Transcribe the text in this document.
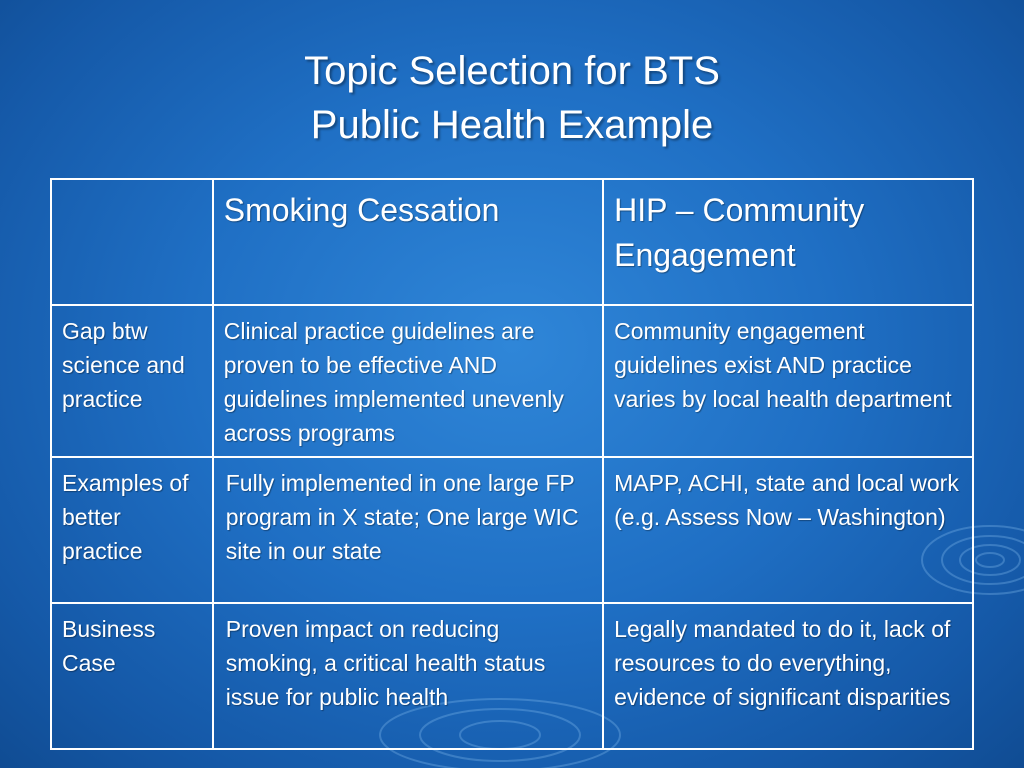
Topic Selection for BTS
Public Health Example
	Smoking Cessation	HIP – Community Engagement
Gap btw science and practice	Clinical practice guidelines are proven to be effective AND guidelines implemented unevenly across programs	Community engagement guidelines exist AND practice varies by local health department
Examples of better practice	Fully implemented in one large FP program in X state; One large WIC site in our state	MAPP, ACHI, state and local work (e.g. Assess Now – Washington)
Business Case	Proven impact on reducing smoking, a critical health status issue for public health	Legally mandated to do it, lack of resources to do everything, evidence of significant disparities
